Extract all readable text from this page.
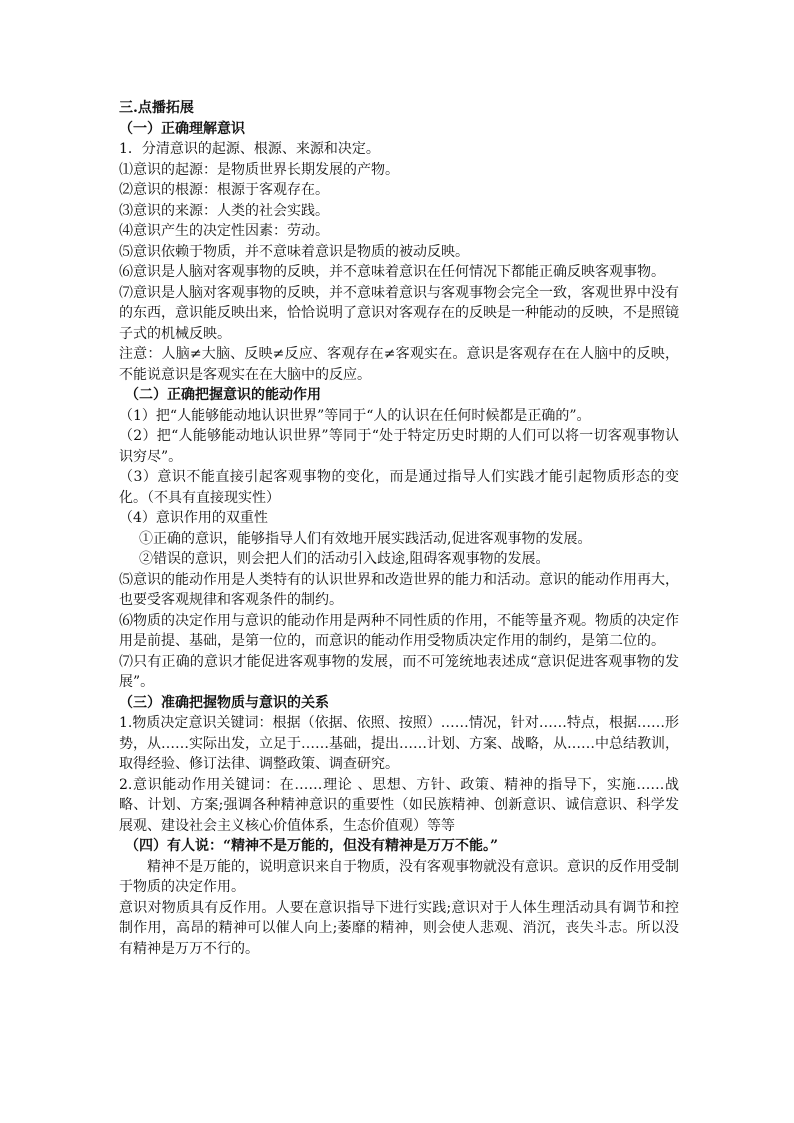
三.点播拓展

（一）正确理解意识

1．分清意识的起源、根源、来源和决定。

⑴意识的起源：是物质世界长期发展的产物。

⑵意识的根源：根源于客观存在。

⑶意识的来源：人类的社会实践。

⑷意识产生的决定性因素：劳动。

⑸意识依赖于物质，并不意味着意识是物质的被动反映。

⑹意识是人脑对客观事物的反映，并不意味着意识在任何情况下都能正确反映客观事物。

⑺意识是人脑对客观事物的反映，并不意味着意识与客观事物会完全一致，客观世界中没有的东西，意识能反映出来，恰恰说明了意识对客观存在的反映是一种能动的反映，不是照镜子式的机械反映。

注意：人脑≠大脑、反映≠反应、客观存在≠客观实在。意识是客观存在在人脑中的反映，不能说意识是客观实在在大脑中的反应。

（二）正确把握意识的能动作用

（1）把“人能够能动地认识世界”等同于“人的认识在任何时候都是正确的”。

（2）把“人能够能动地认识世界”等同于“处于特定历史时期的人们可以将一切客观事物认识穷尽”。

（3）意识不能直接引起客观事物的变化，而是通过指导人们实践才能引起物质形态的变化。（不具有直接现实性）

（4）意识作用的双重性

①正确的意识，能够指导人们有效地开展实践活动,促进客观事物的发展。

②错误的意识，则会把人们的活动引入歧途,阻碍客观事物的发展。

⑸意识的能动作用是人类特有的认识世界和改造世界的能力和活动。意识的能动作用再大，也要受客观规律和客观条件的制约。

⑹物质的决定作用与意识的能动作用是两种不同性质的作用，不能等量齐观。物质的决定作用是前提、基础，是第一位的，而意识的能动作用受物质决定作用的制约，是第二位的。

⑺只有正确的意识才能促进客观事物的发展，而不可笼统地表述成“意识促进客观事物的发展”。

（三）准确把握物质与意识的关系

1.物质决定意识关键词：根据（依据、依照、按照）……情况，针对……特点，根据……形势，从……实际出发，立足于……基础，提出……计划、方案、战略，从……中总结教训，取得经验、修订法律、调整政策、调查研究。

2.意识能动作用关键词：在……理论 、思想、方针、政策、精神的指导下，实施……战略、计划、方案;强调各种精神意识的重要性（如民族精神、创新意识、诚信意识、科学发展观、建设社会主义核心价值体系，生态价值观）等等

（四）有人说：“精神不是万能的，但没有精神是万万不能。”

精神不是万能的，说明意识来自于物质，没有客观事物就没有意识。意识的反作用受制于物质的决定作用。

意识对物质具有反作用。人要在意识指导下进行实践;意识对于人体生理活动具有调节和控制作用，高昂的精神可以催人向上;萎靡的精神，则会使人悲观、消沉，丧失斗志。所以没有精神是万万不行的。
